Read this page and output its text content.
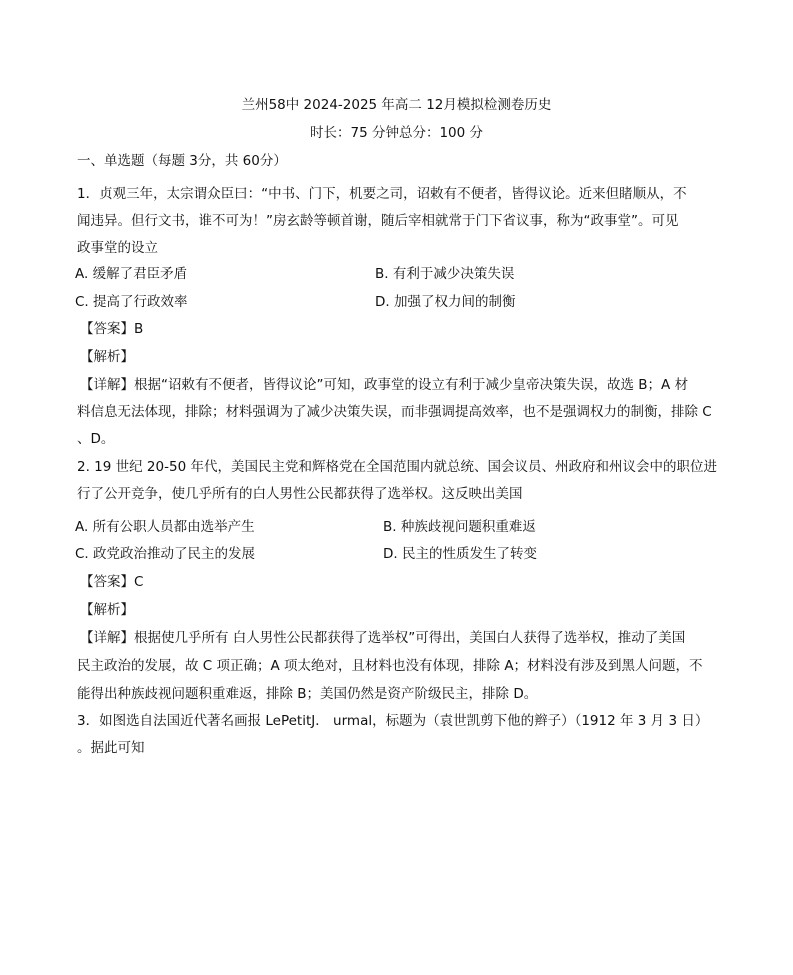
兰州58中 2024-2025 年高二 12月模拟检测卷历史
时长：75 分钟总分：100 分
一、单选题（每题 3分，共 60分）
1．贞观三年，太宗谓众臣曰：“中书、门下，机要之司，诏敕有不便者，皆得议论。近来但睹顺从，不
闻违异。但行文书，谁不可为！”房玄龄等顿首谢，随后宰相就常于门下省议事，称为“政事堂”。可见
政事堂的设立
A. 缓解了君臣矛盾	B. 有利于减少决策失误
C. 提高了行政效率	D. 加强了权力间的制衡
【答案】B
【解析】
【详解】根据“诏敕有不便者，皆得议论”可知，政事堂的设立有利于减少皇帝决策失误，故选 B；A 材
料信息无法体现，排除；材料强调为了减少决策失误，而非强调提高效率，也不是强调权力的制衡，排除 C
、D。
2. 19 世纪 20-50 年代，美国民主党和辉格党在全国范围内就总统、国会议员、州政府和州议会中的职位进
行了公开竞争，使几乎所有的白人男性公民都获得了选举权。这反映出美国
A. 所有公职人员都由选举产生	B. 种族歧视问题积重难返
C. 政党政治推动了民主的发展	D. 民主的性质发生了转变
【答案】C
【解析】
【详解】根据使几乎所有 白人男性公民都获得了选举权”可得出，美国白人获得了选举权，推动了美国
民主政治的发展，故 C 项正确；A 项太绝对，且材料也没有体现，排除 A；材料没有涉及到黑人问题，不
能得出种族歧视问题积重难返，排除 B；美国仍然是资产阶级民主，排除 D。
3．如图选自法国近代著名画报 LePetitJ． urmal，标题为（袁世凯剪下他的辫子）（1912 年 3 月 3 日）
。据此可知
